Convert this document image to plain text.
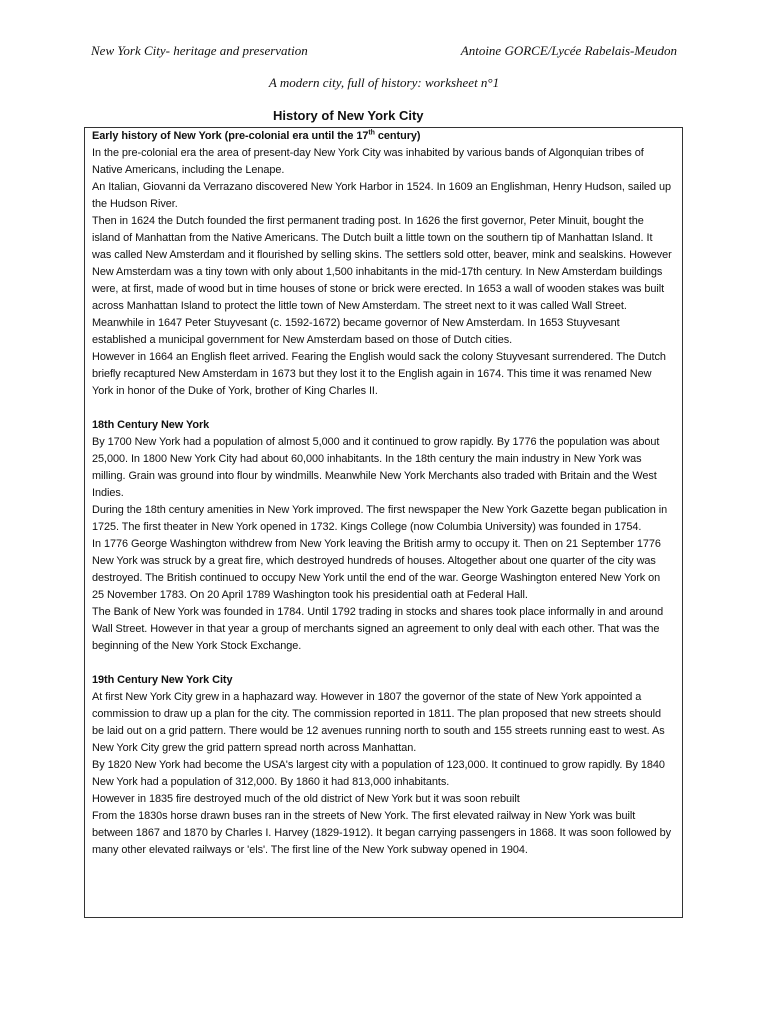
New York City- heritage and preservation	Antoine GORCE/Lycée Rabelais-Meudon
A modern city, full of history: worksheet n°1
History of New York City

Early history of New York (pre-colonial era until the 17th century)

In the pre-colonial era the area of present-day New York City was inhabited by various bands of Algonquian tribes of Native Americans, including the Lenape.

An Italian, Giovanni da Verrazano discovered New York Harbor in 1524. In 1609 an Englishman, Henry Hudson, sailed up the Hudson River.

Then in 1624 the Dutch founded the first permanent trading post. In 1626 the first governor, Peter Minuit, bought the island of Manhattan from the Native Americans. The Dutch built a little town on the southern tip of Manhattan Island. It was called New Amsterdam and it flourished by selling skins. The settlers sold otter, beaver, mink and sealskins. However New Amsterdam was a tiny town with only about 1,500 inhabitants in the mid-17th century. In New Amsterdam buildings were, at first, made of wood but in time houses of stone or brick were erected. In 1653 a wall of wooden stakes was built across Manhattan Island to protect the little town of New Amsterdam. The street next to it was called Wall Street. Meanwhile in 1647 Peter Stuyvesant (c. 1592-1672) became governor of New Amsterdam. In 1653 Stuyvesant established a municipal government for New Amsterdam based on those of Dutch cities.

However in 1664 an English fleet arrived. Fearing the English would sack the colony Stuyvesant surrendered. The Dutch briefly recaptured New Amsterdam in 1673 but they lost it to the English again in 1674. This time it was renamed New York in honor of the Duke of York, brother of King Charles II.

18th Century New York

By 1700 New York had a population of almost 5,000 and it continued to grow rapidly. By 1776 the population was about 25,000. In 1800 New York City had about 60,000 inhabitants. In the 18th century the main industry in New York was milling. Grain was ground into flour by windmills. Meanwhile New York Merchants also traded with Britain and the West Indies.

During the 18th century amenities in New York improved. The first newspaper the New York Gazette began publication in 1725. The first theater in New York opened in 1732. Kings College (now Columbia University) was founded in 1754.

In 1776 George Washington withdrew from New York leaving the British army to occupy it. Then on 21 September 1776 New York was struck by a great fire, which destroyed hundreds of houses. Altogether about one quarter of the city was destroyed. The British continued to occupy New York until the end of the war. George Washington entered New York on 25 November 1783. On 20 April 1789 Washington took his presidential oath at Federal Hall.

The Bank of New York was founded in 1784. Until 1792 trading in stocks and shares took place informally in and around Wall Street. However in that year a group of merchants signed an agreement to only deal with each other. That was the beginning of the New York Stock Exchange.

19th Century New York City

At first New York City grew in a haphazard way. However in 1807 the governor of the state of New York appointed a commission to draw up a plan for the city. The commission reported in 1811. The plan proposed that new streets should be laid out on a grid pattern. There would be 12 avenues running north to south and 155 streets running east to west. As New York City grew the grid pattern spread north across Manhattan.

By 1820 New York had become the USA's largest city with a population of 123,000. It continued to grow rapidly. By 1840 New York had a population of 312,000. By 1860 it had 813,000 inhabitants.

However in 1835 fire destroyed much of the old district of New York but it was soon rebuilt

From the 1830s horse drawn buses ran in the streets of New York. The first elevated railway in New York was built between 1867 and 1870 by Charles I. Harvey (1829-1912). It began carrying passengers in 1868. It was soon followed by many other elevated railways or 'els'. The first line of the New York subway opened in 1904.
